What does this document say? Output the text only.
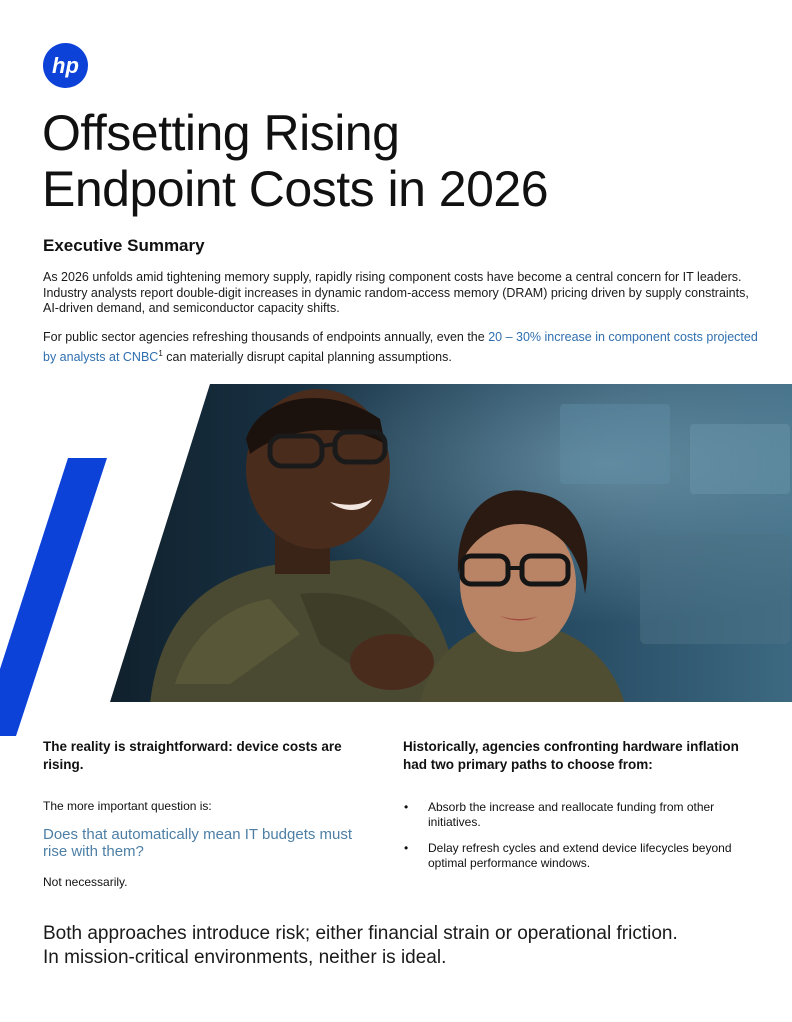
hp
Offsetting Rising
Endpoint Costs in 2026
Executive Summary

As 2026 unfolds amid tightening memory supply, rapidly rising component costs have become a central concern for IT leaders. Industry analysts report double-digit increases in dynamic random-access memory (DRAM) pricing driven by supply constraints, AI-driven demand, and semiconductor capacity shifts.

For public sector agencies refreshing thousands of endpoints annually, even the 20 – 30% increase in component costs projected by analysts at CNBC$^1$ can materially disrupt capital planning assumptions.

The reality is straightforward: device costs are rising.

The more important question is:

Does that automatically mean IT budgets must rise with them?

Not necessarily.

Historically, agencies confronting hardware inflation had two primary paths to choose from:
• Absorb the increase and reallocate funding from other initiatives.
• Delay refresh cycles and extend device lifecycles beyond optimal performance windows.

Both approaches introduce risk; either financial strain or operational friction. In mission-critical environments, neither is ideal.
